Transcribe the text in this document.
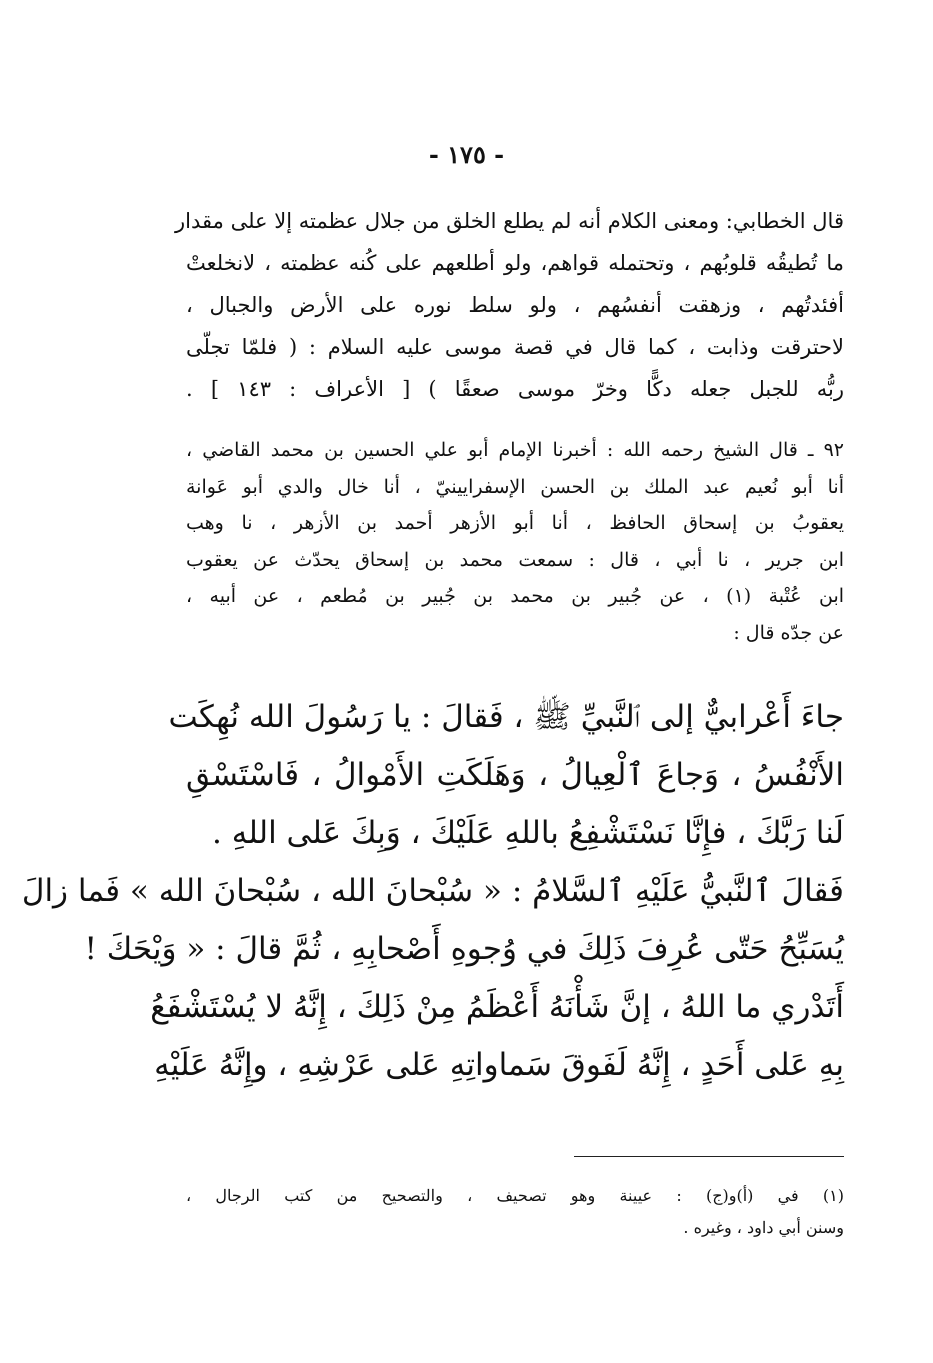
- ١٧٥ -
قال الخطابي: ومعنى الكلام أنه لم يطلع الخلق من جلال عظمته إلا على مقدار
ما تُطيقُه قلوبُهم ، وتحتمله قواهم، ولو أطلعهم على كُنه عظمته ، لانخلعتْ
أفئدتُهم ، وزهقت أنفسُهم ، ولو سلط نوره على الأرض والجبال ،
لاحترقت وذابت ، كما قال في قصة موسى عليه السلام : ( فلمّا تجلّى
ربُّه للجبل جعله دكًّا وخرّ موسى صعقًا ) [ الأعراف : ١٤٣ ] .
٩٢ ـ قال الشيخ رحمه الله : أخبرنا الإمام أبو علي الحسين بن محمد القاضي ،
أنا أبو نُعيم عبد الملك بن الحسن الإسفرايينيّ ، أنا خال والدي أبو عَوانة
يعقوبُ بن إسحاق الحافظ ، أنا أبو الأزهر أحمد بن الأزهر ، نا وهب
ابن جرير ، نا أبي ، قال : سمعت محمد بن إسحاق يحدّث عن يعقوب
ابن عُتْبة (١) ، عن جُبير بن محمد بن جُبير بن مُطعم ، عن أبيه ،
عن جدّه قال :
جاءَ أَعْرابيٌّ إلى ٱلنَّبيِّ ﷺ ، فَقالَ : يا رَسُولَ الله نُهِكَت
الأَنْفُسُ ، وَجاعَ ٱلْعِيالُ ، وَهَلَكَتِ الأَمْوالُ ، فَاسْتَسْقِ
لَنا رَبَّكَ ، فإِنَّا نَسْتَشْفِعُ باللهِ عَلَيْكَ ، وَبِكَ عَلى اللهِ .
فَقالَ ٱلنَّبيُّ عَلَيْهِ ٱلسَّلامُ : « سُبْحانَ الله ، سُبْحانَ الله » فَما زالَ
يُسَبِّحُ حَتّى عُرِفَ ذَلِكَ في وُجوهِ أَصْحابِهِ ، ثُمَّ قالَ : « وَيْحَكَ !
أَتَدْري ما اللهُ ، إنَّ شَأْنَهُ أَعْظَمُ مِنْ ذَلِكَ ، إِنَّهُ لا يُسْتَشْفَعُ
بِهِ عَلى أَحَدٍ ، إِنَّهُ لَفَوقَ سَماواتِهِ عَلى عَرْشِهِ ، وإِنَّهُ عَلَيْهِ
(١) في (أ)و(ج) : عيينة وهو تصحيف ، والتصحيح من كتب الرجال ،
وسنن أبي داود ، وغيره .
